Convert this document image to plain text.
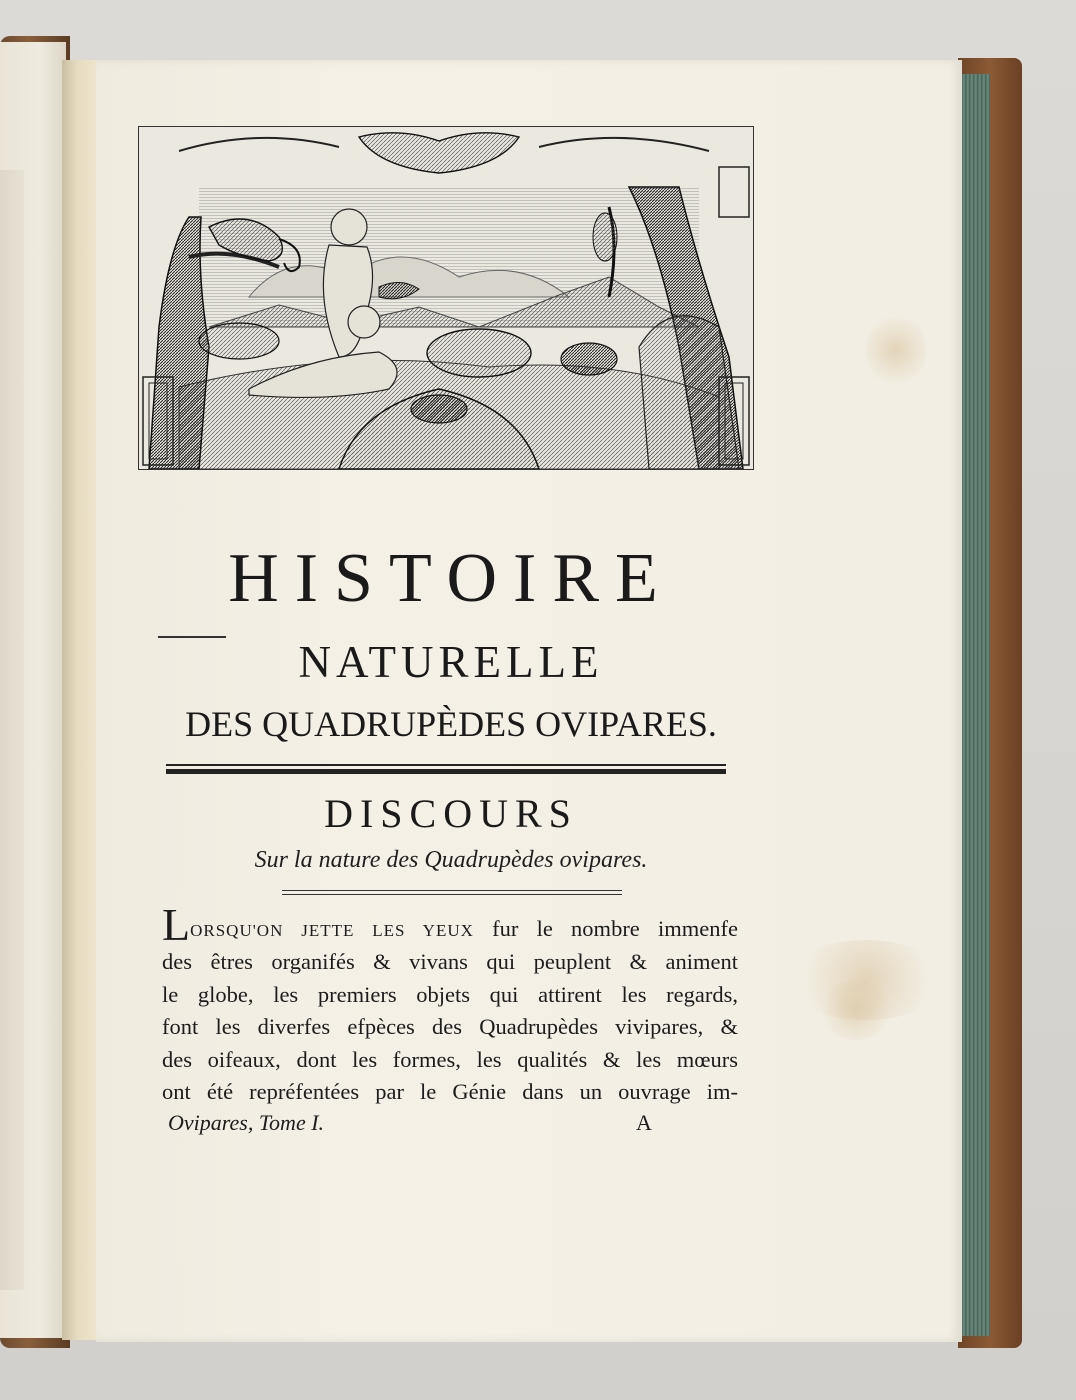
HISTOIRE
NATURELLE
DES QUADRUPÈDES OVIPARES.
DISCOURS
Sur la nature des Quadrupèdes ovipares.
LORSQU'ON JETTE LES YEUX fur le nombre immenfe
des êtres organifés & vivans qui peuplent & animent
le globe, les premiers objets qui attirent les regards,
font les diverfes efpèces des Quadrupèdes vivipares, &
des oifeaux, dont les formes, les qualités & les mœurs
ont été repréfentées par le Génie dans un ouvrage im-
Ovipares, Tome I.	A
